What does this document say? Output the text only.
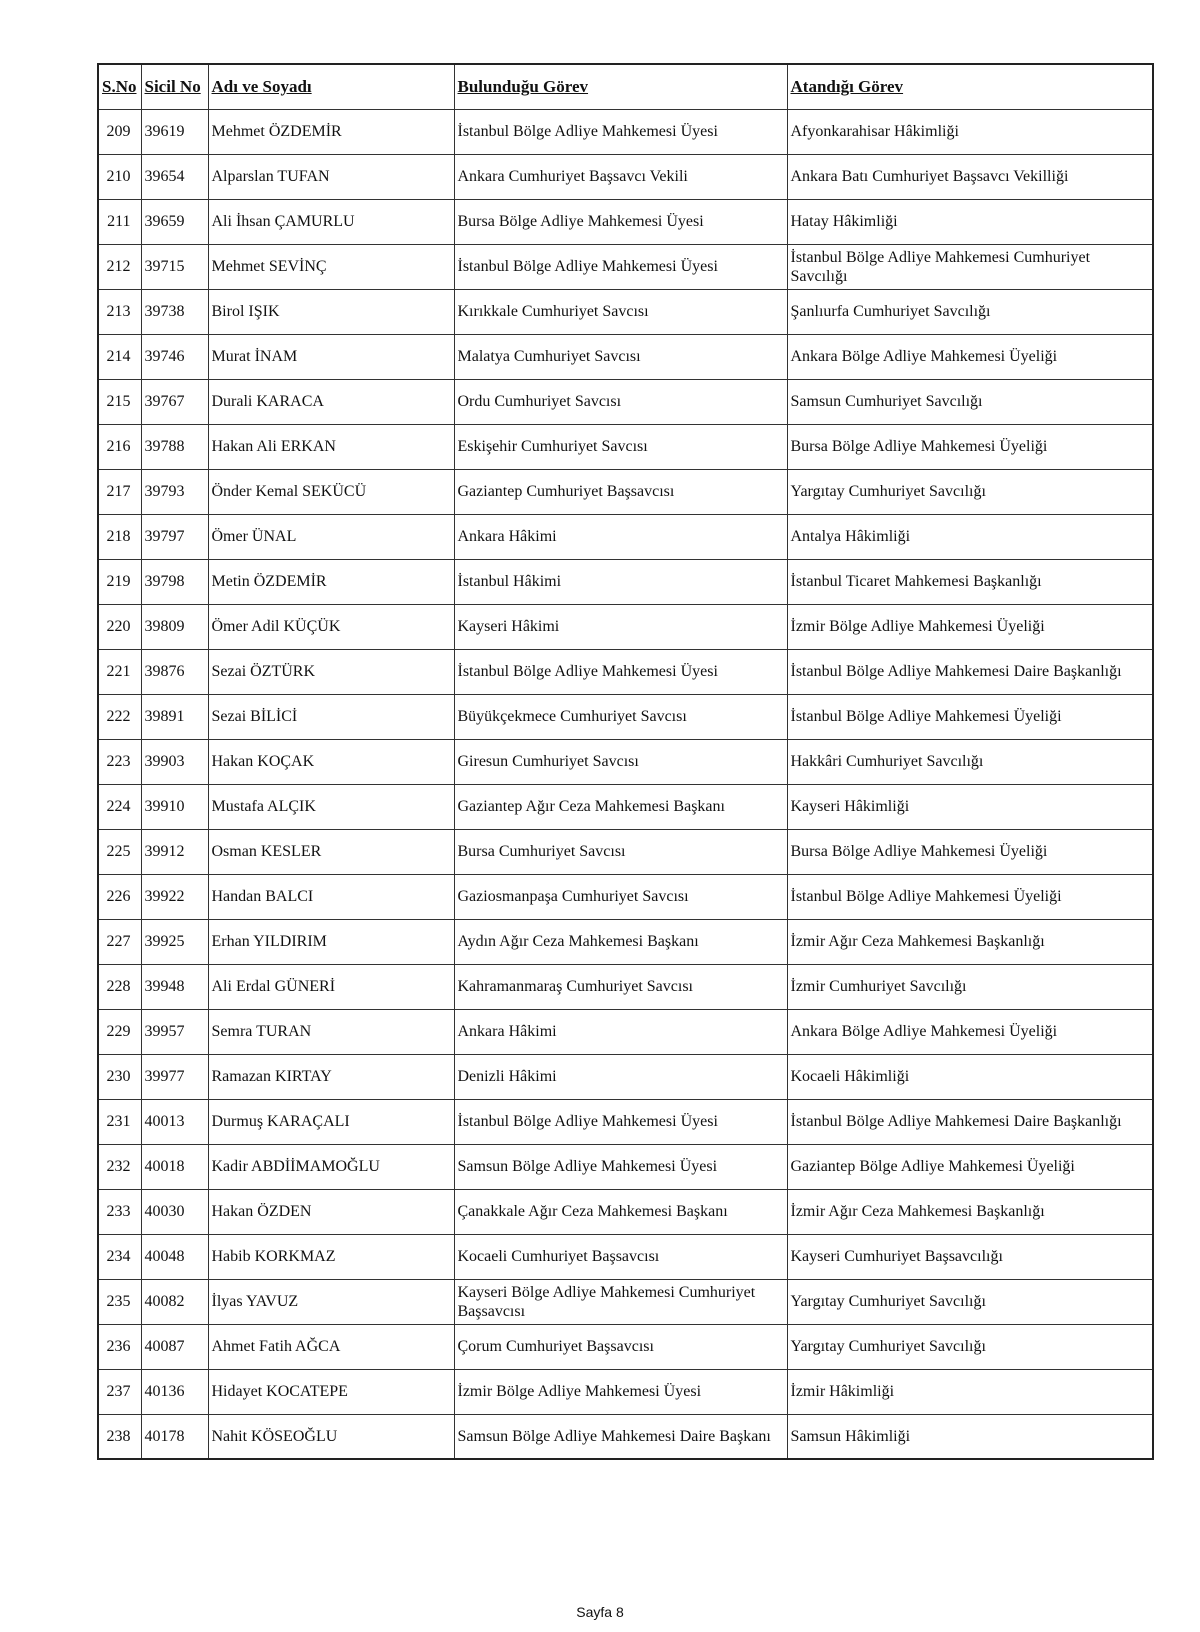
S.No	Sicil No	Adı ve Soyadı	Bulunduğu Görev	Atandığı Görev
209	39619	Mehmet ÖZDEMİR	İstanbul Bölge Adliye Mahkemesi Üyesi	Afyonkarahisar Hâkimliği
210	39654	Alparslan TUFAN	Ankara Cumhuriyet Başsavcı Vekili	Ankara Batı Cumhuriyet Başsavcı Vekilliği
211	39659	Ali İhsan ÇAMURLU	Bursa Bölge Adliye Mahkemesi Üyesi	Hatay Hâkimliği
212	39715	Mehmet SEVİNÇ	İstanbul Bölge Adliye Mahkemesi Üyesi	İstanbul Bölge Adliye Mahkemesi Cumhuriyet Savcılığı
213	39738	Birol IŞIK	Kırıkkale Cumhuriyet Savcısı	Şanlıurfa Cumhuriyet Savcılığı
214	39746	Murat İNAM	Malatya Cumhuriyet Savcısı	Ankara Bölge Adliye Mahkemesi Üyeliği
215	39767	Durali KARACA	Ordu Cumhuriyet Savcısı	Samsun Cumhuriyet Savcılığı
216	39788	Hakan Ali ERKAN	Eskişehir Cumhuriyet Savcısı	Bursa Bölge Adliye Mahkemesi Üyeliği
217	39793	Önder Kemal SEKÜCÜ	Gaziantep Cumhuriyet Başsavcısı	Yargıtay Cumhuriyet Savcılığı
218	39797	Ömer ÜNAL	Ankara Hâkimi	Antalya Hâkimliği
219	39798	Metin ÖZDEMİR	İstanbul Hâkimi	İstanbul Ticaret Mahkemesi Başkanlığı
220	39809	Ömer Adil KÜÇÜK	Kayseri Hâkimi	İzmir Bölge Adliye Mahkemesi Üyeliği
221	39876	Sezai ÖZTÜRK	İstanbul Bölge Adliye Mahkemesi Üyesi	İstanbul Bölge Adliye Mahkemesi Daire Başkanlığı
222	39891	Sezai BİLİCİ	Büyükçekmece Cumhuriyet Savcısı	İstanbul Bölge Adliye Mahkemesi Üyeliği
223	39903	Hakan KOÇAK	Giresun Cumhuriyet Savcısı	Hakkâri Cumhuriyet Savcılığı
224	39910	Mustafa ALÇIK	Gaziantep Ağır Ceza Mahkemesi Başkanı	Kayseri Hâkimliği
225	39912	Osman KESLER	Bursa Cumhuriyet Savcısı	Bursa Bölge Adliye Mahkemesi Üyeliği
226	39922	Handan BALCI	Gaziosmanpaşa Cumhuriyet Savcısı	İstanbul Bölge Adliye Mahkemesi Üyeliği
227	39925	Erhan YILDIRIM	Aydın Ağır Ceza Mahkemesi Başkanı	İzmir Ağır Ceza Mahkemesi Başkanlığı
228	39948	Ali Erdal GÜNERİ	Kahramanmaraş Cumhuriyet Savcısı	İzmir Cumhuriyet Savcılığı
229	39957	Semra TURAN	Ankara Hâkimi	Ankara Bölge Adliye Mahkemesi Üyeliği
230	39977	Ramazan KIRTAY	Denizli Hâkimi	Kocaeli Hâkimliği
231	40013	Durmuş KARAÇALI	İstanbul Bölge Adliye Mahkemesi Üyesi	İstanbul Bölge Adliye Mahkemesi Daire Başkanlığı
232	40018	Kadir ABDİİMAMOĞLU	Samsun Bölge Adliye Mahkemesi Üyesi	Gaziantep Bölge Adliye Mahkemesi Üyeliği
233	40030	Hakan ÖZDEN	Çanakkale Ağır Ceza Mahkemesi Başkanı	İzmir Ağır Ceza Mahkemesi Başkanlığı
234	40048	Habib KORKMAZ	Kocaeli Cumhuriyet Başsavcısı	Kayseri Cumhuriyet Başsavcılığı
235	40082	İlyas YAVUZ	Kayseri Bölge Adliye Mahkemesi Cumhuriyet Başsavcısı	Yargıtay Cumhuriyet Savcılığı
236	40087	Ahmet Fatih AĞCA	Çorum Cumhuriyet Başsavcısı	Yargıtay Cumhuriyet Savcılığı
237	40136	Hidayet KOCATEPE	İzmir Bölge Adliye Mahkemesi Üyesi	İzmir Hâkimliği
238	40178	Nahit KÖSEOĞLU	Samsun Bölge Adliye Mahkemesi Daire Başkanı	Samsun Hâkimliği
Sayfa 8
